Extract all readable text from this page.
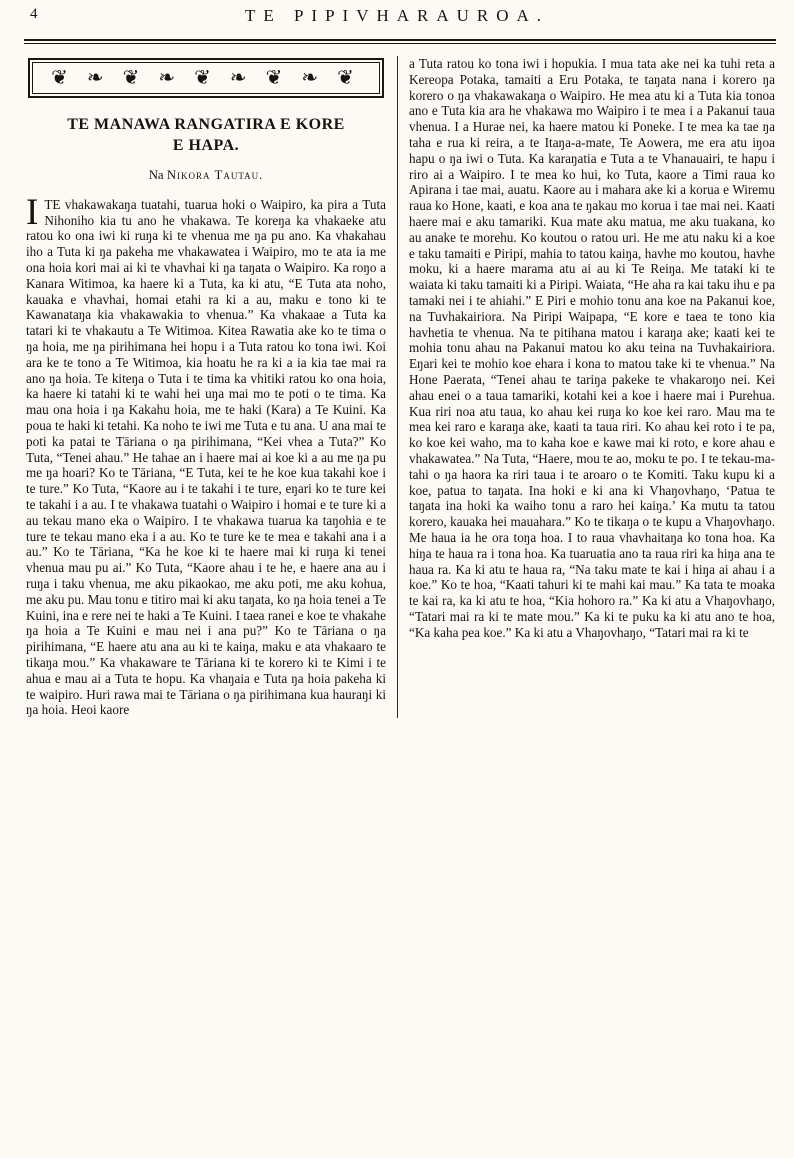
4	TE PIPIVHARAUROA.
❦ ❧ ❦ ❧ ❦ ❧ ❦ ❧ ❦
TE MANAWA RANGATIRA E KORE
E HAPA.
Na Nikora Tautau.
ITE vhakawakaŋa tuatahi, tuarua hoki o Waipiro, ka pira a Tuta Nihoniho kia tu ano he vhakawa. Te koreŋa ka vhakaeke atu ratou ko ona iwi ki ruŋa ki te vhenua me ŋa pu ano. Ka vhakahau iho a Tuta ki ŋa pakeha me vhakawatea i Waipiro, mo te ata ia me ona hoia kori mai ai ki te vhavhai ki ŋa taŋata o Waipiro. Ka roŋo a Kanara Witimoa, ka haere ki a Tuta, ka ki atu, “E Tuta ata noho, kauaka e vhavhai, homai etahi ra ki a au, maku e tono ki te Kawanataŋa kia vhakawakia to vhenua.” Ka vhakaae a Tuta ka tatari ki te vhakautu a Te Witimoa. Kitea Rawatia ake ko te tima o ŋa hoia, me ŋa pirihimana hei hopu i a Tuta ratou ko tona iwi. Koi ara ke te tono a Te Witimoa, kia hoatu he ra ki a ia kia tae mai ra ano ŋa hoia. Te kiteŋa o Tuta i te tima ka vhitiki ratou ko ona hoia, ka haere ki tatahi ki te wahi hei uŋa mai mo te poti o te tima. Ka mau ona hoia i ŋa Kakahu hoia, me te haki (Kara) a Te Kuini. Ka poua te haki ki tetahi. Ka noho te iwi me Tuta e tu ana. U ana mai te poti ka patai te Tāriana o ŋa pirihimana, “Kei vhea a Tuta?” Ko Tuta, “Tenei ahau.” He tahae an i haere mai ai koe ki a au me ŋa pu me ŋa hoari? Ko te Tāriana, “E Tuta, kei te he koe kua takahi koe i te ture.” Ko Tuta, “Kaore au i te takahi i te ture, eŋari ko te ture kei te takahi i a au. I te vhakawa tuatahi o Waipiro i homai e te ture ki a au tekau mano eka o Waipiro. I te vhakawa tuarua ka taŋohia e te ture te tekau mano eka i a au. Ko te ture ke te mea e takahi ana i a au.” Ko te Tāriana, “Ka he koe ki te haere mai ki ruŋa ki tenei vhenua mau pu ai.” Ko Tuta, “Kaore ahau i te he, e haere ana au i ruŋa i taku vhenua, me aku pikaokao, me aku poti, me aku kohua, me aku pu. Mau tonu e titiro mai ki aku taŋata, ko ŋa hoia tenei a Te Kuini, ina e rere nei te haki a Te Kuini. I taea ranei e koe te vhakahe ŋa hoia a Te Kuini e mau nei i ana pu?” Ko te Tāriana o ŋa pirihimana, “E haere atu ana au ki te kaiŋa, maku e ata vhakaaro te tikaŋa mou.” Ka vhakaware te Tāriana ki te korero ki te Kimi i te ahua e mau ai a Tuta te hopu. Ka vhaŋaia e Tuta ŋa hoia pakeha ki te waipiro. Huri rawa mai te Tāriana o ŋa pirihimana kua hauraŋi ki ŋa hoia. Heoi kaore
a Tuta ratou ko tona iwi i hopukia. I mua tata ake nei ka tuhi reta a Kereopa Potaka, tamaiti a Eru Potaka, te taŋata nana i korero ŋa korero o ŋa vhakawakaŋa o Waipiro. He mea atu ki a Tuta kia tonoa ano e Tuta kia ara he vhakawa mo Waipiro i te mea i a Pakanui taua vhenua. I a Hurae nei, ka haere matou ki Poneke. I te mea ka tae ŋa taha e rua ki reira, a te Itaŋa-a-mate, Te Aowera, me era atu iŋoa hapu o ŋa iwi o Tuta. Ka karaŋatia e Tuta a te Vhanauairi, te hapu i riro ai a Waipiro. I te mea ko hui, ko Tuta, kaore a Timi raua ko Apirana i tae mai, auatu. Kaore au i mahara ake ki a korua e Wiremu raua ko Hone, kaati, e koa ana te ŋakau mo korua i tae mai nei. Kaati haere mai e aku tamariki. Kua mate aku matua, me aku tuakana, ko au anake te morehu. Ko koutou o ratou uri. He me atu naku ki a koe e taku tamaiti e Piripi, mahia to tatou kaiŋa, havhe mo koutou, havhe moku, ki a haere marama atu ai au ki Te Reiŋa. Me tataki ki te waiata ki taku tamaiti ki a Piripi. Waiata, “He aha ra kai taku ihu e pa tamaki nei i te ahiahi.” E Piri e mohio tonu ana koe na Pakanui koe, na Tuvhakairiora. Na Piripi Waipapa, “E kore e taea te tono kia havhetia te vhenua. Na te pitihana matou i karaŋa ake; kaati kei te mohia tonu ahau na Pakanui matou ko aku teina na Tuvhakairiora. Eŋari kei te mohio koe ehara i kona to matou take ki te vhenua.” Na Hone Paerata, “Tenei ahau te tariŋa pakeke te vhakaroŋo nei. Kei ahau enei o a taua tamariki, kotahi kei a koe i haere mai i Purehua. Kua riri noa atu taua, ko ahau kei ruŋa ko koe kei raro. Mau ma te mea kei raro e karaŋa ake, kaati ta taua riri. Ko ahau kei roto i te pa, ko koe kei waho, ma to kaha koe e kawe mai ki roto, e kore ahau e vhakawatea.” Na Tuta, “Haere, mou te ao, moku te po. I te tekau-ma-tahi o ŋa haora ka riri taua i te aroaro o te Komiti. Taku kupu ki a koe, patua to taŋata. Ina hoki e ki ana ki Vhaŋovhaŋo, ‘Patua te taŋata ina hoki ka waiho tonu a raro hei kaiŋa.’ Ka mutu ta tatou korero, kauaka hei mauahara.” Ko te tikaŋa o te kupu a Vhaŋovhaŋo. Me haua ia he ora toŋa hoa. I to raua vhavhaitaŋa ko tona hoa. Ka hiŋa te haua ra i tona hoa. Ka tuaruatia ano ta raua riri ka hiŋa ana te haua ra. Ka ki atu te haua ra, “Na taku mate te kai i hiŋa ai ahau i a koe.” Ko te hoa, “Kaati tahuri ki te mahi kai mau.” Ka tata te moaka te kai ra, ka ki atu te hoa, “Kia hohoro ra.” Ka ki atu a Vhaŋovhaŋo, “Tatari mai ra ki te mate mou.” Ka ki te puku ka ki atu ano te hoa, “Ka kaha pea koe.” Ka ki atu a Vhaŋovhaŋo, “Tatari mai ra ki te
